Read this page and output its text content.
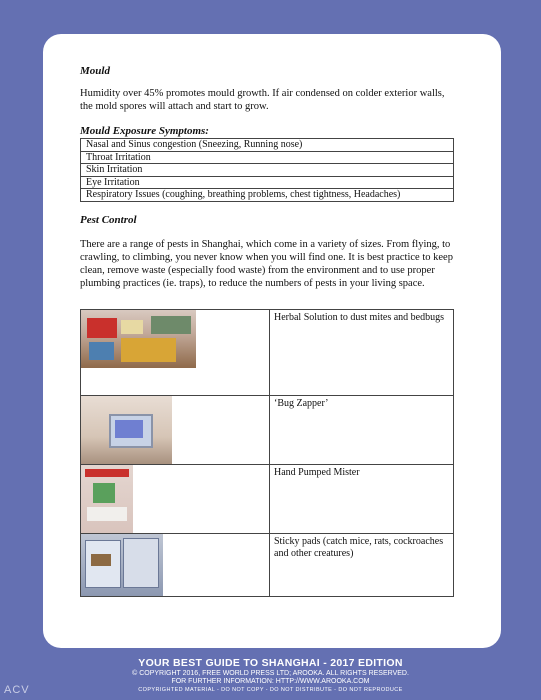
Mould

Humidity over 45% promotes mould growth. If air condensed on colder exterior walls, the mold spores will attach and start to grow.

Mould Exposure Symptoms:

Nasal and Sinus congestion (Sneezing, Running nose)
Throat Irritation
Skin Irritation
Eye Irritation
Respiratory Issues (coughing, breathing problems, chest tightness, Headaches)

Pest Control

There are a range of pests in Shanghai, which come in a variety of sizes. From flying, to crawling, to climbing, you never know when you will find one. It is best practice to keep clean, remove waste (especially food waste) from the environment and to use proper plumbing practices (ie. traps), to reduce the numbers of pests in your living space.

	Herbal Solution to dust mites and bedbugs

	‘Bug Zapper’

	Hand Pumped Mister

	Sticky pads (catch mice, rats, cockroaches and other creatures)
YOUR BEST GUIDE TO SHANGHAI - 2017 EDITION
© COPYRIGHT 2016, FREE WORLD PRESS LTD; AROOKA. ALL RIGHTS RESERVED.
FOR FURTHER INFORMATION: HTTP://WWW.AROOKA.COM
COPYRIGHTED MATERIAL - DO NOT COPY - DO NOT DISTRIBUTE - DO NOT REPRODUCE
ACV
